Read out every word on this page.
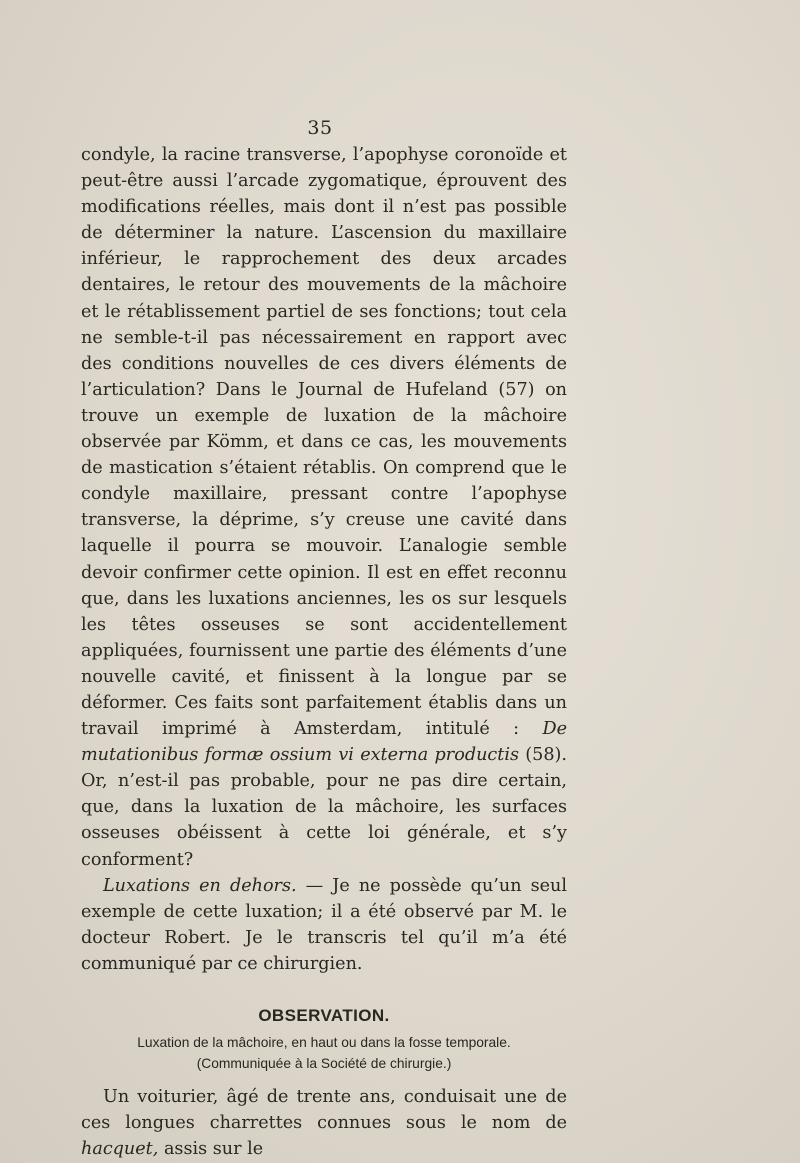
35

condyle, la racine transverse, l’apophyse coronoïde et peut-être aussi l’arcade zygomatique, éprouvent des modifications réelles, mais dont il n’est pas possible de déterminer la nature. L’ascension du maxillaire inférieur, le rapprochement des deux arcades dentaires, le retour des mouvements de la mâchoire et le rétablissement partiel de ses fonctions; tout cela ne semble-t-il pas nécessairement en rapport avec des conditions nouvelles de ces divers éléments de l’articulation? Dans le Journal de Hufeland (57) on trouve un exemple de luxation de la mâchoire observée par Kömm, et dans ce cas, les mouvements de mastication s’étaient rétablis. On comprend que le condyle maxillaire, pressant contre l’apophyse transverse, la déprime, s’y creuse une cavité dans laquelle il pourra se mouvoir. L’analogie semble devoir confirmer cette opinion. Il est en effet reconnu que, dans les luxations anciennes, les os sur lesquels les têtes osseuses se sont accidentellement appliquées, fournissent une partie des éléments d’une nouvelle cavité, et finissent à la longue par se déformer. Ces faits sont parfaitement établis dans un travail imprimé à Amsterdam, intitulé : De mutationibus formæ ossium vi externa productis (58). Or, n’est-il pas probable, pour ne pas dire certain, que, dans la luxation de la mâchoire, les surfaces osseuses obéissent à cette loi générale, et s’y conforment?

Luxations en dehors. — Je ne possède qu’un seul exemple de cette luxation; il a été observé par M. le docteur Robert. Je le transcris tel qu’il m’a été communiqué par ce chirurgien.

OBSERVATION.
Luxation de la mâchoire, en haut ou dans la fosse temporale.
(Communiquée à la Société de chirurgie.)

Un voiturier, âgé de trente ans, conduisait une de ces longues charrettes connues sous le nom de hacquet, assis sur le
